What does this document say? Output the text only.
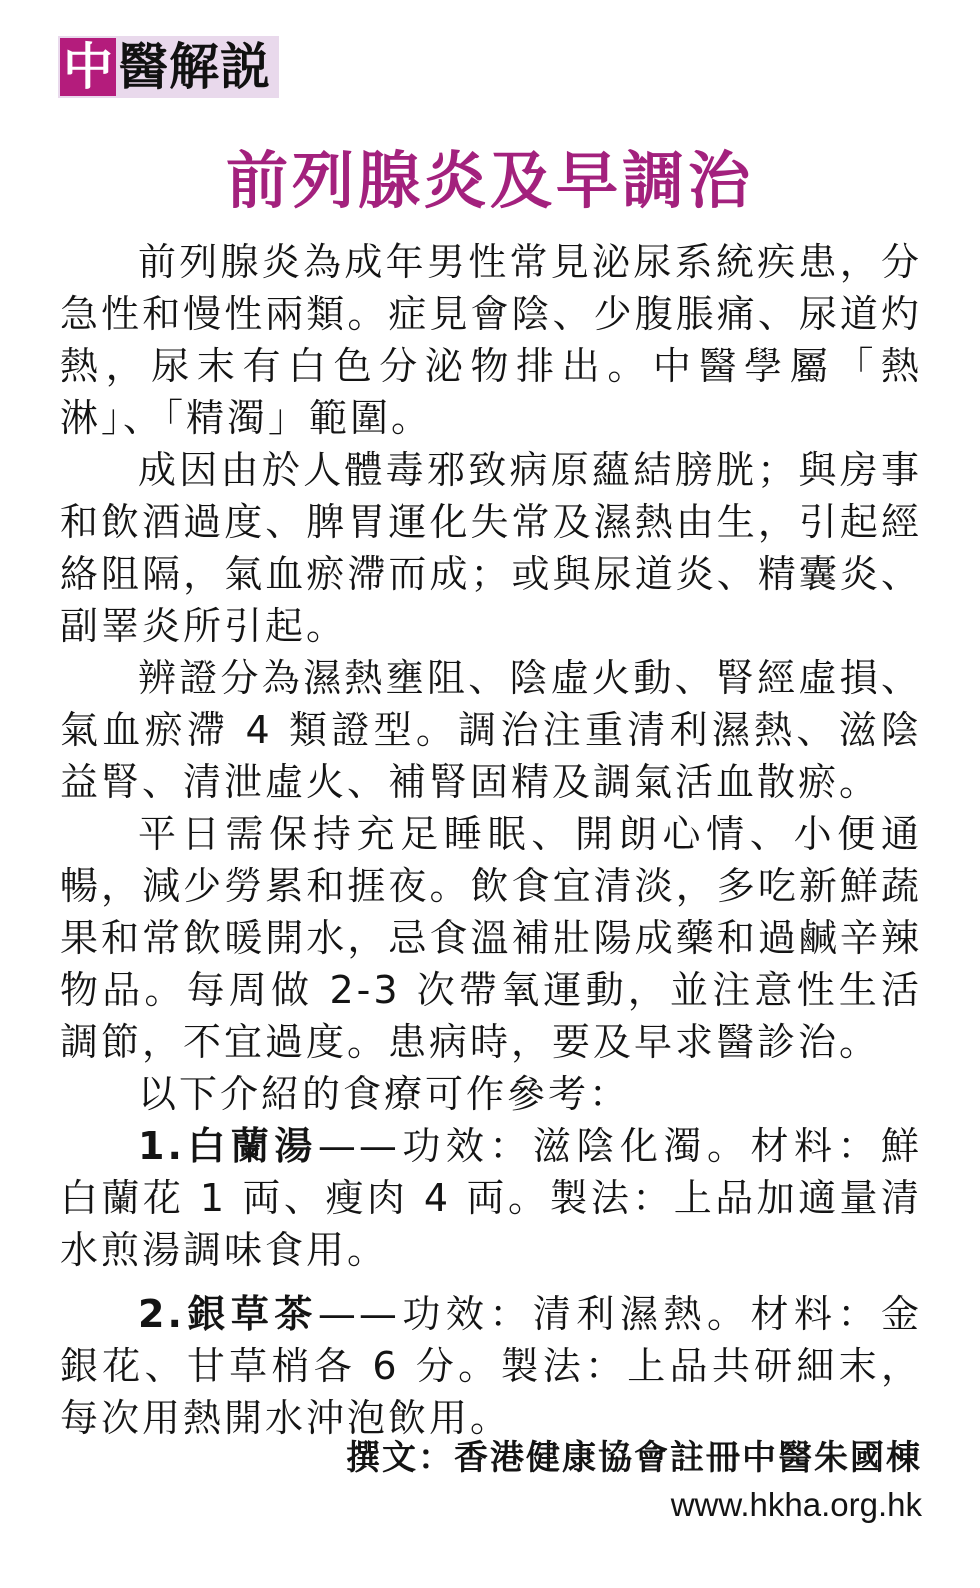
中 醫解説
前列腺炎及早調治

前列腺炎為成年男性常見泌尿系統疾患，分急性和慢性兩類。症見會陰、少腹脹痛、尿道灼熱，尿末有白色分泌物排出。中醫學屬「熱淋」、「精濁」範圍。

成因由於人體毒邪致病原蘊結膀胱；與房事和飲酒過度、脾胃運化失常及濕熱由生，引起經絡阻隔，氣血瘀滯而成；或與尿道炎、精囊炎、副睪炎所引起。

辨證分為濕熱壅阻、陰虛火動、腎經虛損、氣血瘀滯 4 類證型。調治注重清利濕熱、滋陰益腎、清泄虛火、補腎固精及調氣活血散瘀。

平日需保持充足睡眠、開朗心情、小便通暢，減少勞累和捱夜。飲食宜清淡，多吃新鮮蔬果和常飲暖開水，忌食溫補壯陽成藥和過鹹辛辣物品。每周做 2-3 次帶氧運動，並注意性生活調節，不宜過度。患病時，要及早求醫診治。

以下介紹的食療可作參考：

1.白蘭湯——功效：滋陰化濁。材料：鮮白蘭花 1 両、瘦肉 4 両。製法：上品加適量清水煎湯調味食用。

2.銀草茶——功效：清利濕熱。材料：金銀花、甘草梢各 6 分。製法：上品共研細末，每次用熱開水沖泡飲用。

撰文：香港健康協會註冊中醫朱國棟
www.hkha.org.hk
